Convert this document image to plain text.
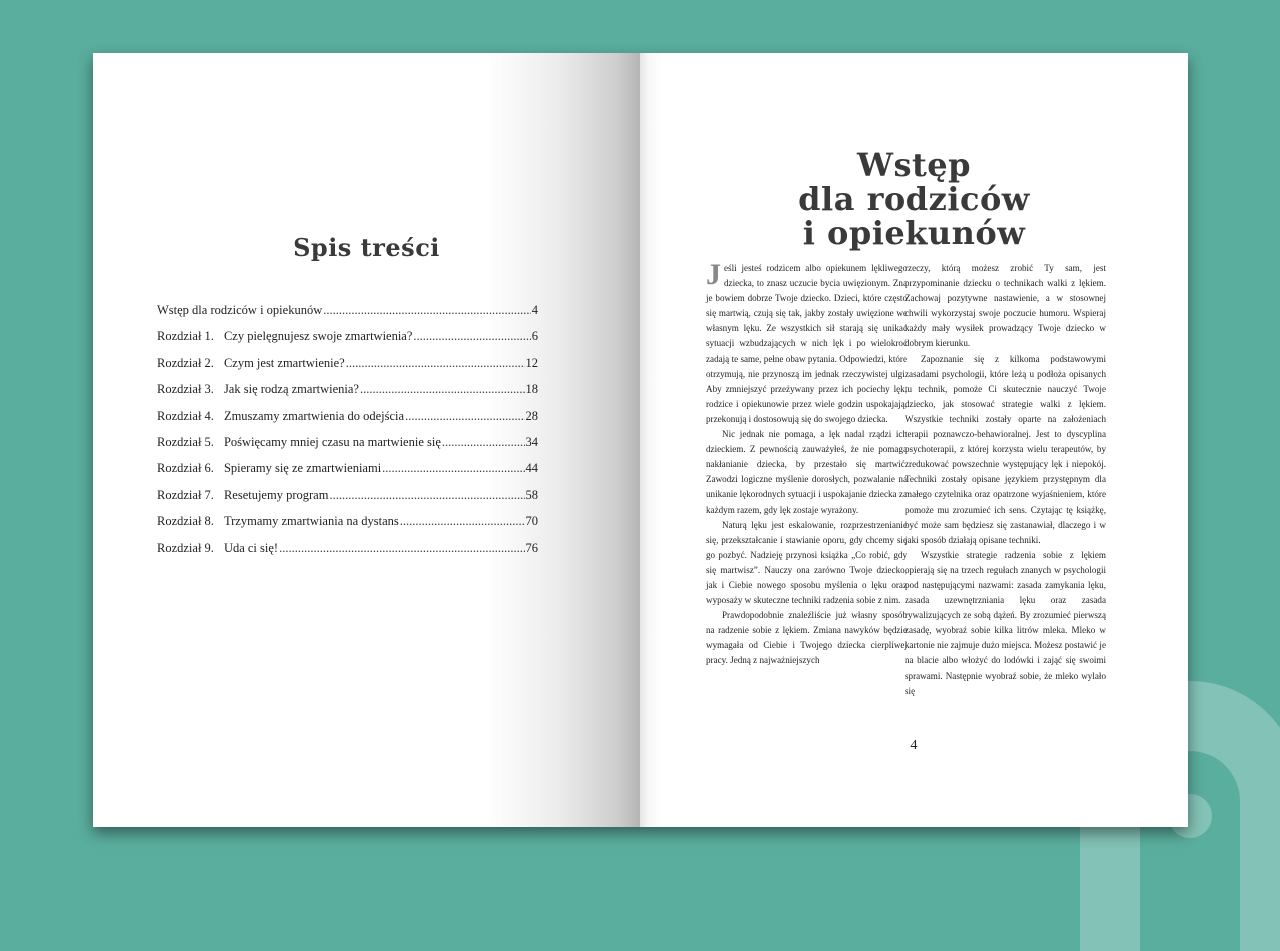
Spis treści
Wstęp dla rodziców i opiekunów .....	4
Rozdział 1. Czy pielęgnujesz swoje zmartwienia? .....	6
Rozdział 2. Czym jest zmartwienie? .....	12
Rozdział 3. Jak się rodzą zmartwienia? .....	18
Rozdział 4. Zmuszamy zmartwienia do odejścia .....	28
Rozdział 5. Poświęcamy mniej czasu na martwienie się .....	34
Rozdział 6. Spieramy się ze zmartwieniami .....	44
Rozdział 7. Resetujemy program .....	58
Rozdział 8. Trzymamy zmartwiania na dystans .....	70
Rozdział 9. Uda ci się! .....	76
Wstęp
dla rodziców
i opiekunów

Jeśli jesteś rodzicem albo opiekunem lękliwego dziecka, to znasz uczucie bycia uwięzionym. Zna je bowiem dobrze Twoje dziecko. Dzieci, które często się martwią, czują się tak, jakby zostały uwięzione we własnym lęku. Ze wszystkich sił starają się unikać sytuacji wzbudzających w nich lęk i po wielokroć zadają te same, pełne obaw pytania. Odpowiedzi, które otrzymują, nie przynoszą im jednak rzeczywistej ulgi. Aby zmniejszyć przeżywany przez ich pociechy lęk, rodzice i opiekunowie przez wiele godzin uspokajają, przekonują i dostosowują się do swojego dziecka.

Nic jednak nie pomaga, a lęk nadal rządzi ich dzieckiem. Z pewnością zauważyłeś, że nie pomaga nakłanianie dziecka, by przestało się martwić. Zawodzi logiczne myślenie dorosłych, pozwalanie na unikanie lękorodnych sytuacji i uspokajanie dziecka za każdym razem, gdy lęk zostaje wyrażony.

Naturą lęku jest eskalowanie, rozprzestrzenianie się, przekształcanie i stawianie oporu, gdy chcemy się go pozbyć. Nadzieję przynosi książka „Co robić, gdy się martwisz”. Nauczy ona zarówno Twoje dziecko, jak i Ciebie nowego sposobu myślenia o lęku oraz wyposaży w skuteczne techniki radzenia sobie z nim.

Prawdopodobnie znaleźliście już własny sposób na radzenie sobie z lękiem. Zmiana nawyków będzie wymagała od Ciebie i Twojego dziecka cierpliwej pracy. Jedną z najważniejszych

rzeczy, którą możesz zrobić Ty sam, jest przypominanie dziecku o technikach walki z lękiem. Zachowaj pozytywne nastawienie, a w stosownej chwili wykorzystaj swoje poczucie humoru. Wspieraj każdy mały wysiłek prowadzący Twoje dziecko w dobrym kierunku.

Zapoznanie się z kilkoma podstawowymi zasadami psychologii, które leżą u podłoża opisanych tu technik, pomoże Ci skutecznie nauczyć Twoje dziecko, jak stosować strategie walki z lękiem. Wszystkie techniki zostały oparte na założeniach terapii poznawczo-behawioralnej. Jest to dyscyplina psychoterapii, z której korzysta wielu terapeutów, by zredukować powszechnie występujący lęk i niepokój. Techniki zostały opisane językiem przystępnym dla małego czytelnika oraz opatrzone wyjaśnieniem, które pomoże mu zrozumieć ich sens. Czytając tę książkę, być może sam będziesz się zastanawiał, dlaczego i w jaki sposób działają opisane techniki.

Wszystkie strategie radzenia sobie z lękiem opierają się na trzech regułach znanych w psychologii pod następującymi nazwami: zasada zamykania lęku, zasada uzewnętrzniania lęku oraz zasada rywalizujących ze sobą dążeń. By zrozumieć pierwszą zasadę, wyobraź sobie kilka litrów mleka. Mleko w kartonie nie zajmuje dużo miejsca. Możesz postawić je na blacie albo włożyć do lodówki i zająć się swoimi sprawami. Następnie wyobraź sobie, że mleko wylało się

4
